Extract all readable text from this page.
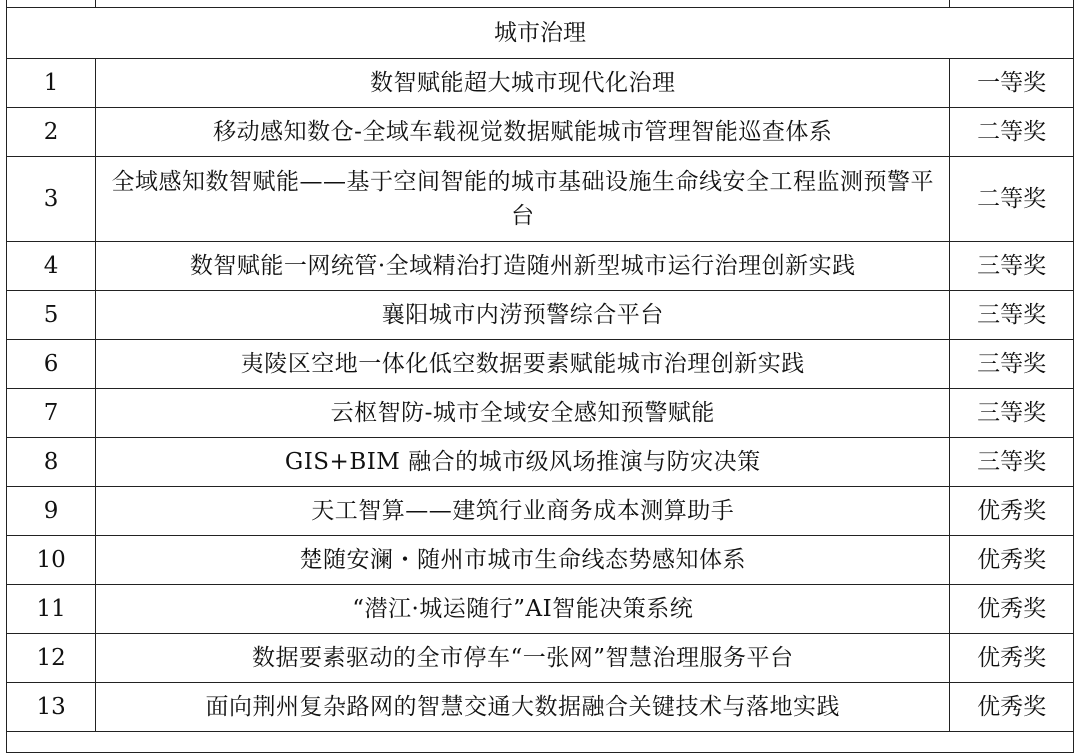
城市治理		
1	数智赋能超大城市现代化治理	一等奖
2	移动感知数仓-全域车载视觉数据赋能城市管理智能巡查体系	二等奖
3	全域感知数智赋能——基于空间智能的城市基础设施生命线安全工程监测预警平台	二等奖
4	数智赋能一网统管·全域精治打造随州新型城市运行治理创新实践	三等奖
5	襄阳城市内涝预警综合平台	三等奖
6	夷陵区空地一体化低空数据要素赋能城市治理创新实践	三等奖
7	云枢智防-城市全域安全感知预警赋能	三等奖
8	GIS+BIM 融合的城市级风场推演与防灾决策	三等奖
9	天工智算——建筑行业商务成本测算助手	优秀奖
10	楚随安澜・随州市城市生命线态势感知体系	优秀奖
11	“潜江·城运随行”AI智能决策系统	优秀奖
12	数据要素驱动的全市停车“一张网”智慧治理服务平台	优秀奖
13	面向荆州复杂路网的智慧交通大数据融合关键技术与落地实践	优秀奖
